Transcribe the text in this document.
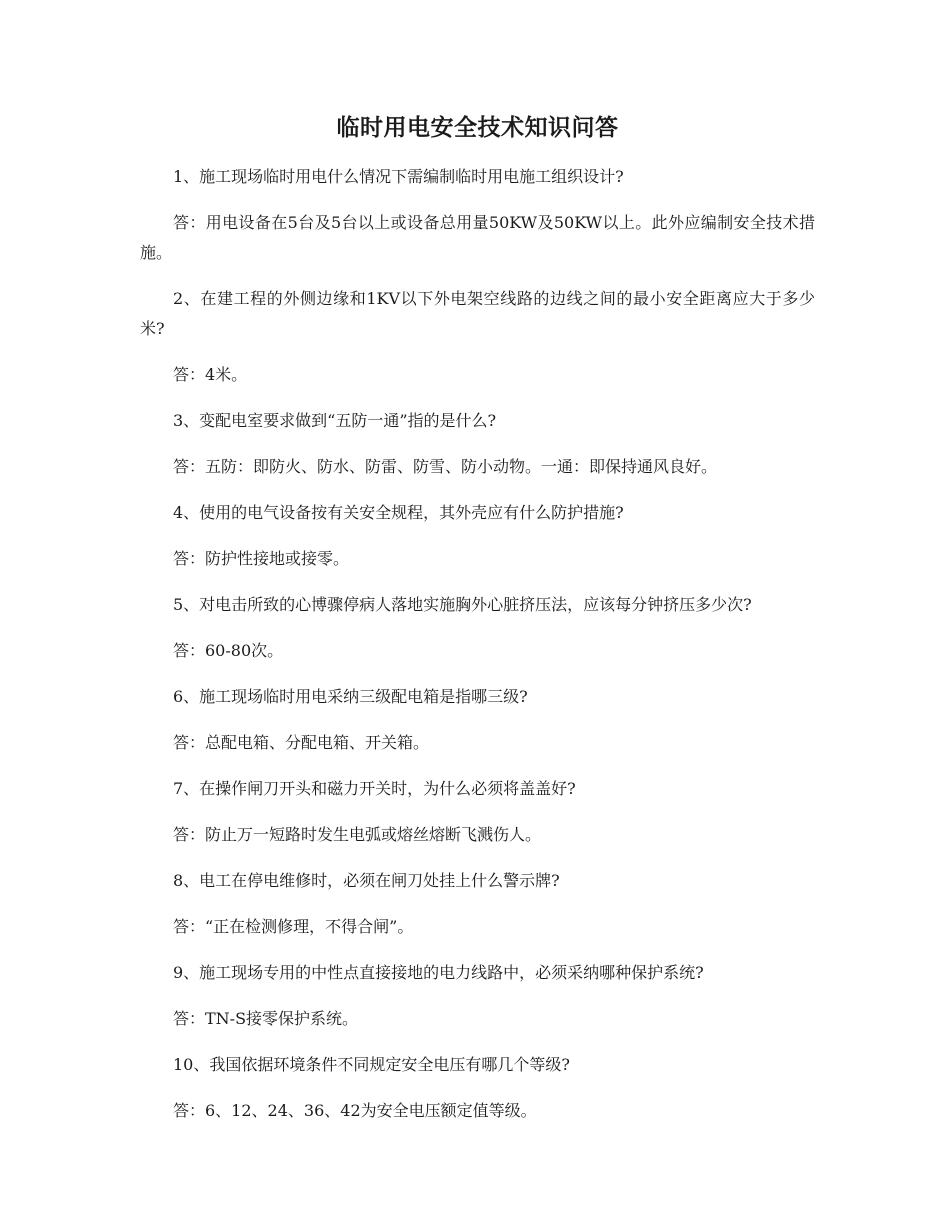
临时用电安全技术知识问答

1、施工现场临时用电什么情况下需编制临时用电施工组织设计?

答：用电设备在5台及5台以上或设备总用量50KW及50KW以上。此外应编制安全技术措施。

2、在建工程的外侧边缘和1KV以下外电架空线路的边线之间的最小安全距离应大于多少米?

答：4米。

3、变配电室要求做到“五防一通”指的是什么?

答：五防：即防火、防水、防雷、防雪、防小动物。一通：即保持通风良好。

4、使用的电气设备按有关安全规程，其外壳应有什么防护措施?

答：防护性接地或接零。

5、对电击所致的心博骤停病人落地实施胸外心脏挤压法，应该每分钟挤压多少次?

答：60-80次。

6、施工现场临时用电采纳三级配电箱是指哪三级?

答：总配电箱、分配电箱、开关箱。

7、在操作闸刀开头和磁力开关时，为什么必须将盖盖好?

答：防止万一短路时发生电弧或熔丝熔断飞溅伤人。

8、电工在停电维修时，必须在闸刀处挂上什么警示牌?

答：“正在检测修理，不得合闸”。

9、施工现场专用的中性点直接接地的电力线路中，必须采纳哪种保护系统?

答：TN-S接零保护系统。

10、我国依据环境条件不同规定安全电压有哪几个等级?

答：6、12、24、36、42为安全电压额定值等级。
